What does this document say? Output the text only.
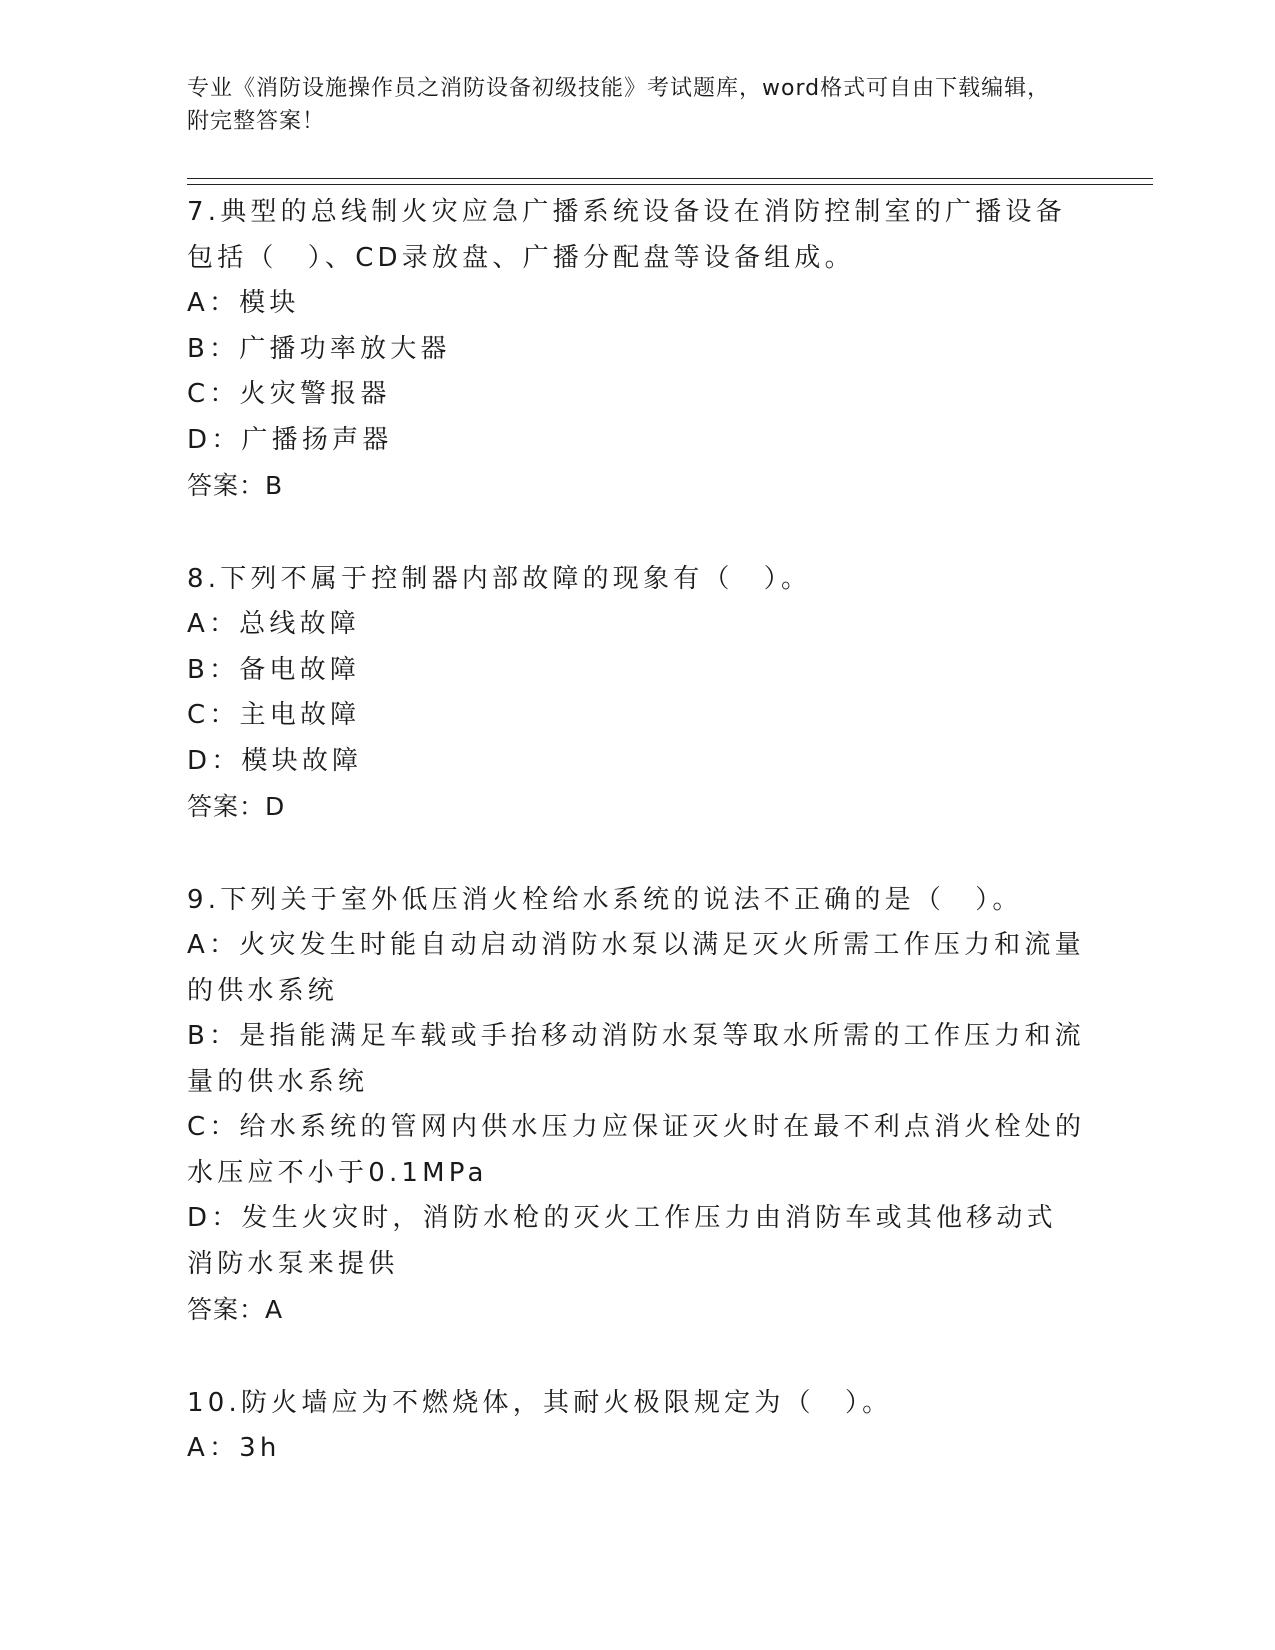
专业《消防设施操作员之消防设备初级技能》考试题库，word格式可自由下载编辑，附完整答案！

7.典型的总线制火灾应急广播系统设备设在消防控制室的广播设备包括（　）、CD录放盘、广播分配盘等设备组成。

A：模块

B：广播功率放大器

C：火灾警报器

D：广播扬声器

答案：B

8.下列不属于控制器内部故障的现象有（　）。

A：总线故障

B：备电故障

C：主电故障

D：模块故障

答案：D

9.下列关于室外低压消火栓给水系统的说法不正确的是（　）。

A：火灾发生时能自动启动消防水泵以满足灭火所需工作压力和流量的供水系统

B：是指能满足车载或手抬移动消防水泵等取水所需的工作压力和流量的供水系统

C：给水系统的管网内供水压力应保证灭火时在最不利点消火栓处的水压应不小于0.1MPa

D：发生火灾时，消防水枪的灭火工作压力由消防车或其他移动式消防水泵来提供

答案：A

10.防火墙应为不燃烧体，其耐火极限规定为（　）。

A：3h
